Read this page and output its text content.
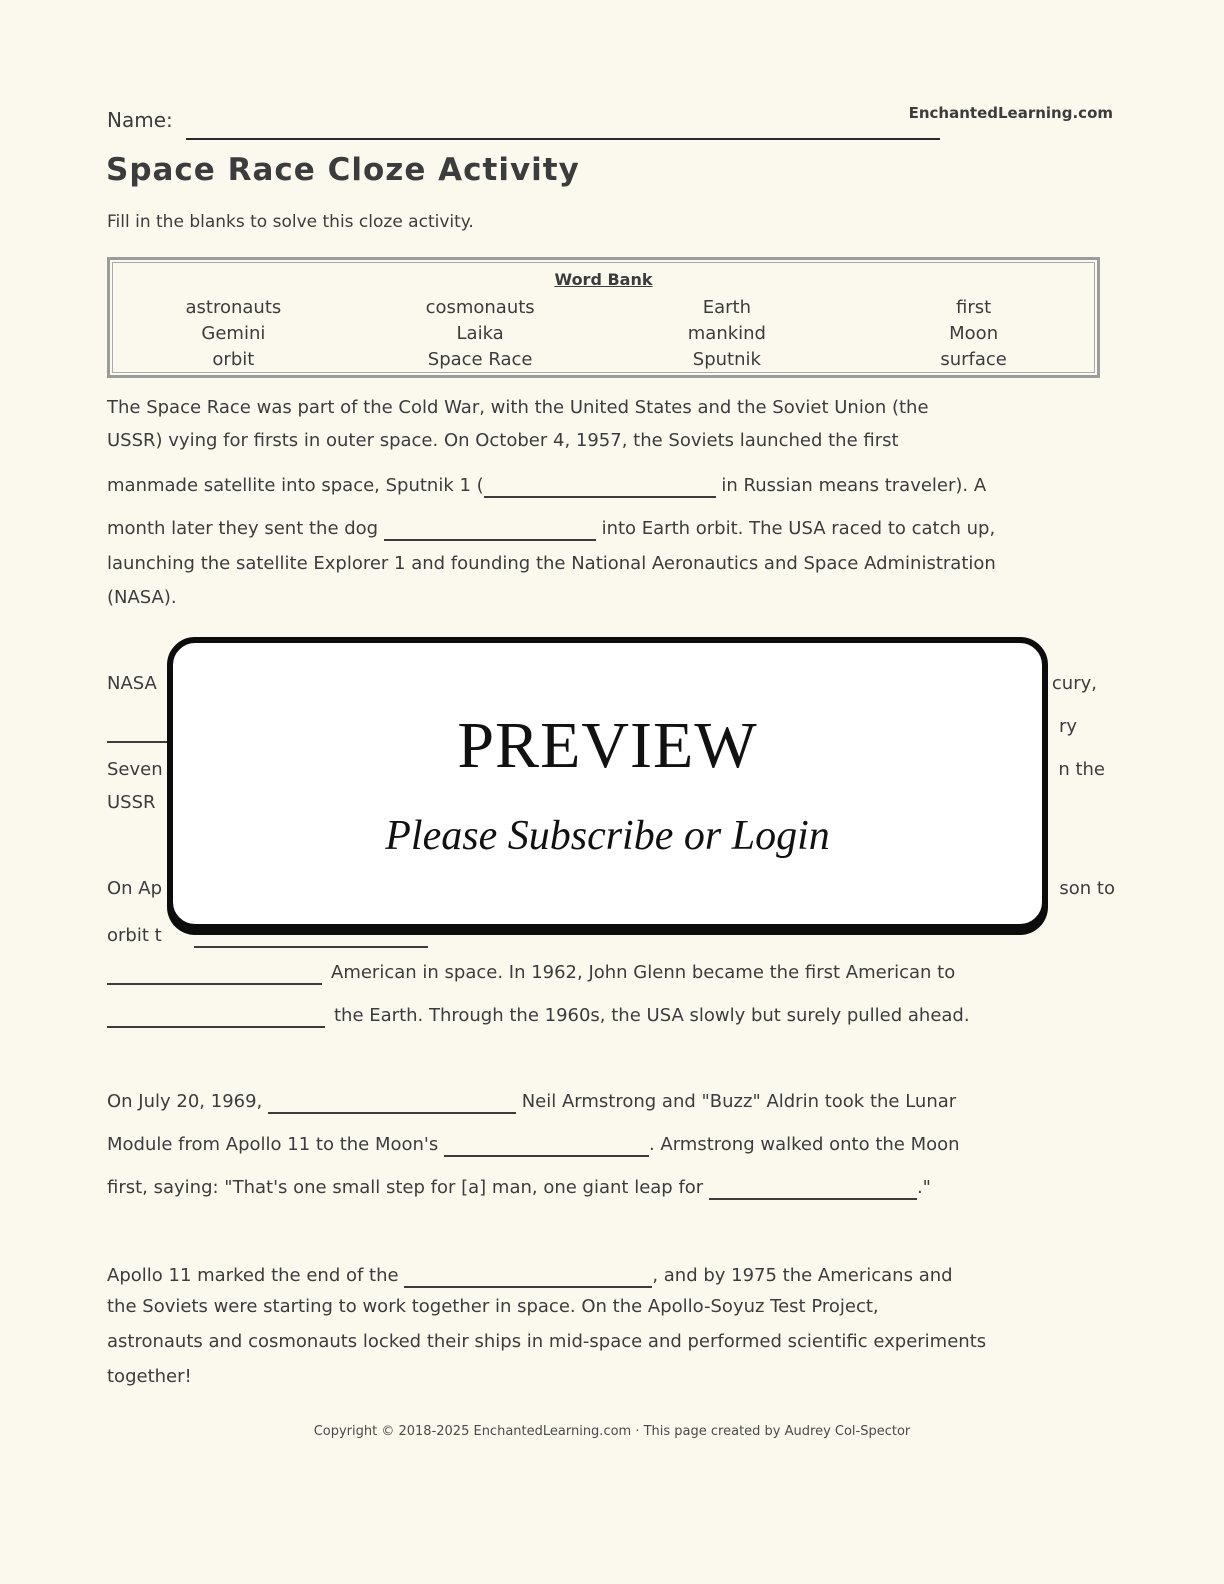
Name:	EnchantedLearning.com
Space Race Cloze Activity
Fill in the blanks to solve this cloze activity.
Word Bank
astronauts	cosmonauts	Earth	first
Gemini	Laika	mankind	Moon
orbit	Space Race	Sputnik	surface
The Space Race was part of the Cold War, with the United States and the Soviet Union (the
USSR) vying for firsts in outer space. On October 4, 1957, the Soviets launched the first
manmade satellite into space, Sputnik 1 (	in Russian means traveler). A
month later they sent the dog	into Earth orbit. The USA raced to catch up,
launching the satellite Explorer 1 and founding the National Aeronautics and Space Administration
(NASA).
NASA	cury,
ry
Seven	n the
USSR
On Ap	son to
orbit t
American in space. In 1962, John Glenn became the first American to
the Earth. Through the 1960s, the USA slowly but surely pulled ahead.
On July 20, 1969,	Neil Armstrong and "Buzz" Aldrin took the Lunar
Module from Apollo 11 to the Moon's	. Armstrong walked onto the Moon
first, saying: "That's one small step for [a] man, one giant leap for	."
Apollo 11 marked the end of the	, and by 1975 the Americans and
the Soviets were starting to work together in space. On the Apollo-Soyuz Test Project,
astronauts and cosmonauts locked their ships in mid-space and performed scientific experiments
together!
PREVIEW
Please Subscribe or Login
Copyright © 2018-2025 EnchantedLearning.com · This page created by Audrey Col-Spector
